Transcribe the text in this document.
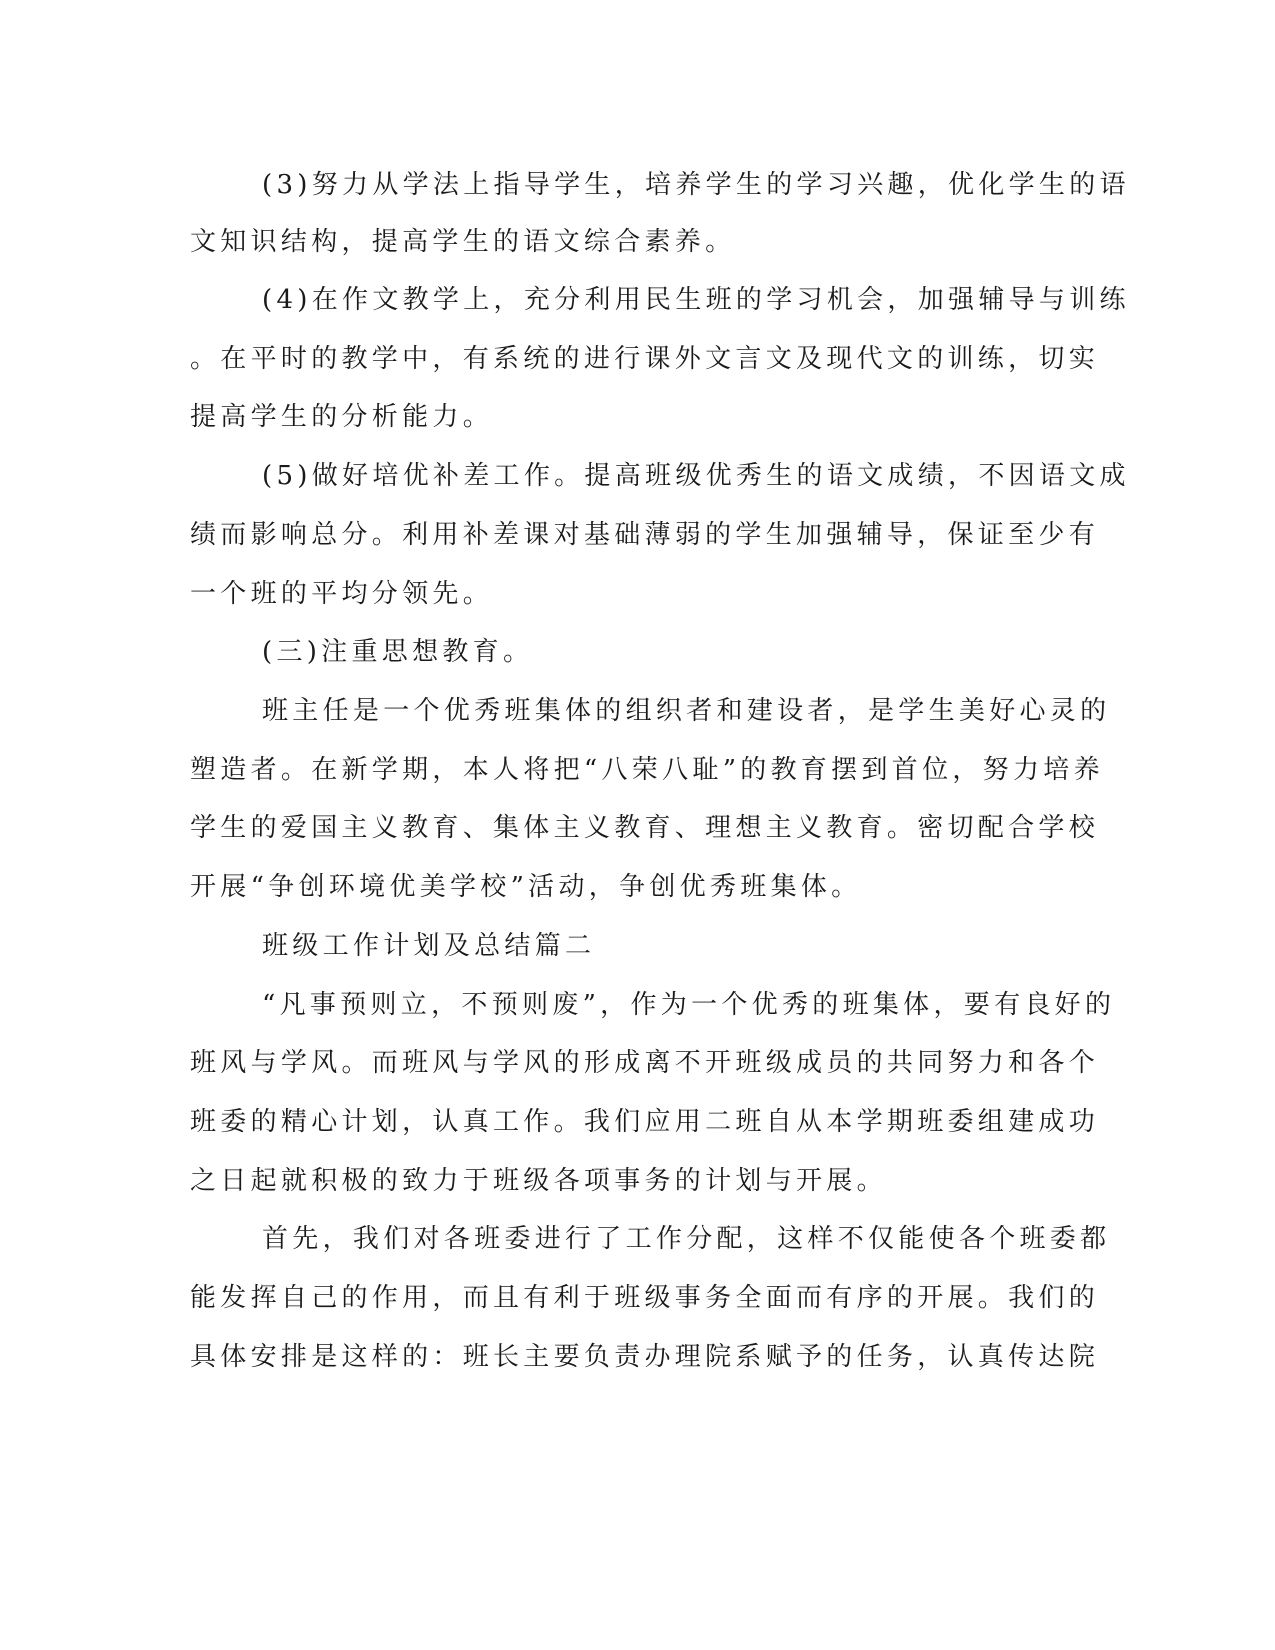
(3)努力从学法上指导学生，培养学生的学习兴趣，优化学生的语
文知识结构，提高学生的语文综合素养。
(4)在作文教学上，充分利用民生班的学习机会，加强辅导与训练
。在平时的教学中，有系统的进行课外文言文及现代文的训练，切实
提高学生的分析能力。
(5)做好培优补差工作。提高班级优秀生的语文成绩，不因语文成
绩而影响总分。利用补差课对基础薄弱的学生加强辅导，保证至少有
一个班的平均分领先。
(三)注重思想教育。
班主任是一个优秀班集体的组织者和建设者，是学生美好心灵的
塑造者。在新学期，本人将把“八荣八耻”的教育摆到首位，努力培养
学生的爱国主义教育、集体主义教育、理想主义教育。密切配合学校
开展“争创环境优美学校”活动，争创优秀班集体。
班级工作计划及总结篇二
“凡事预则立，不预则废”，作为一个优秀的班集体，要有良好的
班风与学风。而班风与学风的形成离不开班级成员的共同努力和各个
班委的精心计划，认真工作。我们应用二班自从本学期班委组建成功
之日起就积极的致力于班级各项事务的计划与开展。
首先，我们对各班委进行了工作分配，这样不仅能使各个班委都
能发挥自己的作用，而且有利于班级事务全面而有序的开展。我们的
具体安排是这样的：班长主要负责办理院系赋予的任务，认真传达院
